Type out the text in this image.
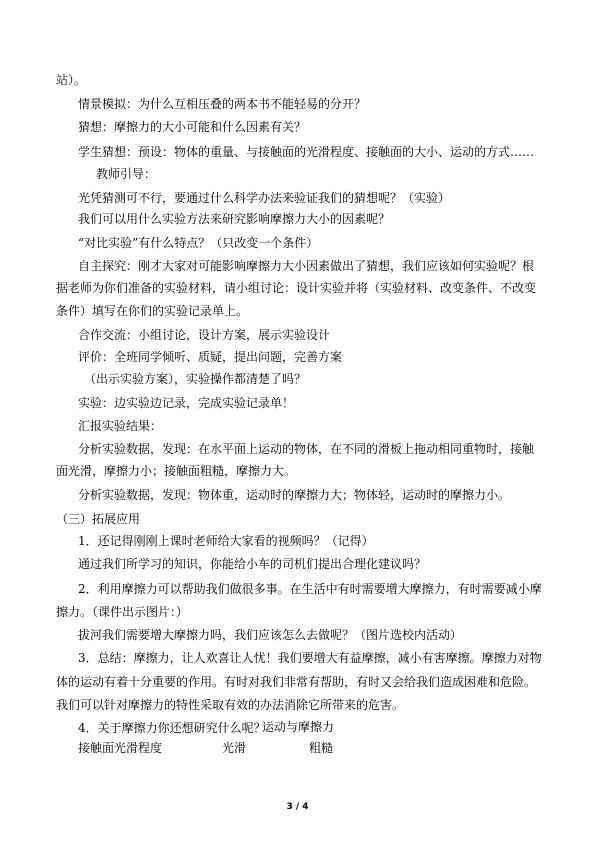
站）。
情景模拟：为什么互相压叠的两本书不能轻易的分开？
猜想：摩擦力的大小可能和什么因素有关？
学生猜想：预设：物体的重量、与接触面的光滑程度、接触面的大小、运动的方式……
教师引导：
光凭猜测可不行，要通过什么科学办法来验证我们的猜想呢？（实验）
我们可以用什么实验方法来研究影响摩擦力大小的因素呢？
“对比实验”有什么特点？（只改变一个条件）
自主探究：刚才大家对可能影响摩擦力大小因素做出了猜想，我们应该如何实验呢？根
据老师为你们准备的实验材料，请小组讨论：设计实验并将（实验材料、改变条件、不改变
条件）填写在你们的实验记录单上。
合作交流：小组讨论，设计方案，展示实验设计
评价：全班同学倾听、质疑，提出问题，完善方案
（出示实验方案），实验操作都清楚了吗？
实验：边实验边记录，完成实验记录单！
汇报实验结果：
分析实验数据，发现：在水平面上运动的物体，在不同的滑板上拖动相同重物时，接触
面光滑，摩擦力小；接触面粗糙，摩擦力大。
分析实验数据，发现：物体重，运动时的摩擦力大；物体轻，运动时的摩擦力小。
（三）拓展应用
1．还记得刚刚上课时老师给大家看的视频吗？（记得）
通过我们所学习的知识，你能给小车的司机们提出合理化建议吗？
2．利用摩擦力可以帮助我们做很多事。在生活中有时需要增大摩擦力，有时需要减小摩
擦力。（课件出示图片：）
拔河我们需要增大摩擦力吗，我们应该怎么去做呢？（图片选校内活动）
3．总结：摩擦力，让人欢喜让人忧！我们要增大有益摩擦，减小有害摩擦。摩擦力对物
体的运动有着十分重要的作用。有时对我们非常有帮助，有时又会给我们造成困难和危险。
我们可以针对摩擦力的特性采取有效的办法消除它所带来的危害。
4．关于摩擦力你还想研究什么呢？
运动与摩擦力
接触面光滑程度	光滑	粗糙
3 / 4
